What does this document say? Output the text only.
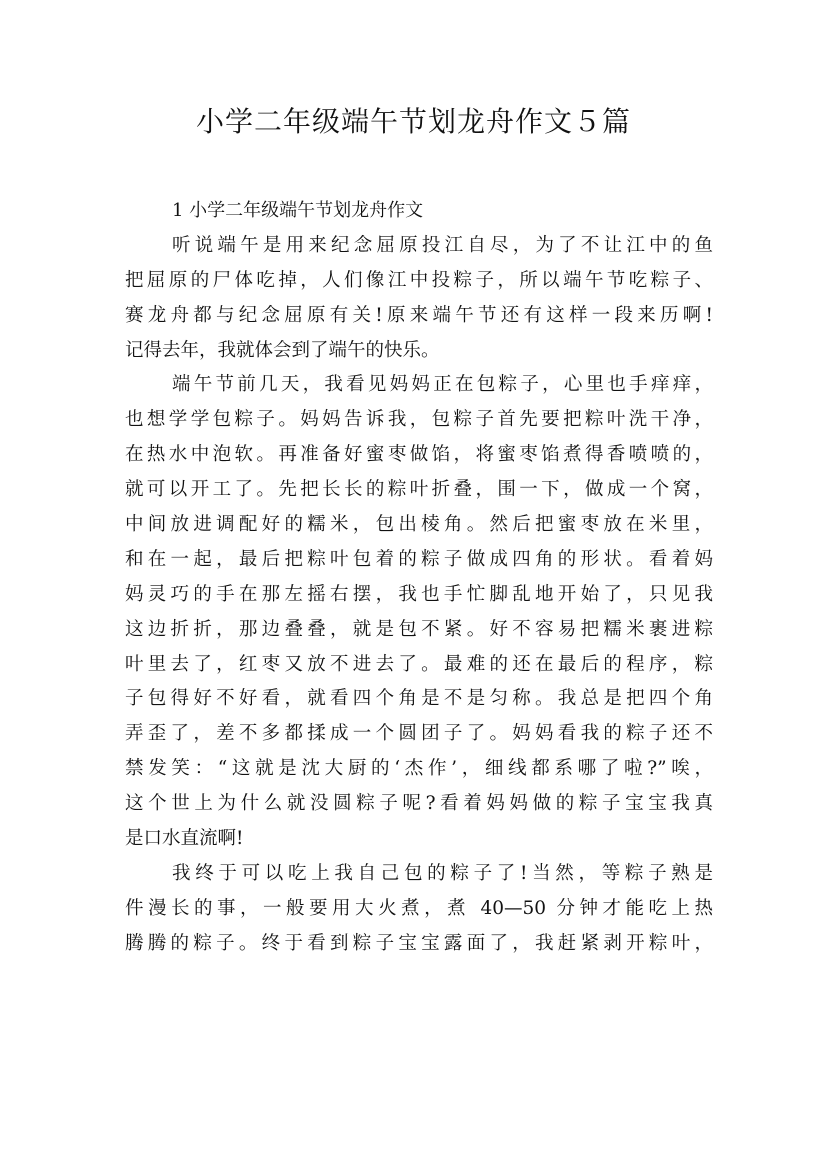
小学二年级端午节划龙舟作文５篇
1 小学二年级端午节划龙舟作文
听说端午是用来纪念屈原投江自尽，为了不让江中的鱼
把屈原的尸体吃掉，人们像江中投粽子，所以端午节吃粽子、
赛龙舟都与纪念屈原有关!原来端午节还有这样一段来历啊!
记得去年，我就体会到了端午的快乐。
端午节前几天，我看见妈妈正在包粽子，心里也手痒痒，
也想学学包粽子。妈妈告诉我，包粽子首先要把粽叶洗干净，
在热水中泡软。再准备好蜜枣做馅，将蜜枣馅煮得香喷喷的，
就可以开工了。先把长长的粽叶折叠，围一下，做成一个窝，
中间放进调配好的糯米，包出棱角。然后把蜜枣放在米里，
和在一起，最后把粽叶包着的粽子做成四角的形状。看着妈
妈灵巧的手在那左摇右摆，我也手忙脚乱地开始了，只见我
这边折折，那边叠叠，就是包不紧。好不容易把糯米裹进粽
叶里去了，红枣又放不进去了。最难的还在最后的程序，粽
子包得好不好看，就看四个角是不是匀称。我总是把四个角
弄歪了，差不多都揉成一个圆团子了。妈妈看我的粽子还不
禁发笑：“这就是沈大厨的‘杰作’，细线都系哪了啦?”唉，
这个世上为什么就没圆粽子呢?看着妈妈做的粽子宝宝我真
是口水直流啊!
我终于可以吃上我自己包的粽子了!当然，等粽子熟是
件漫长的事，一般要用大火煮，煮 40—50 分钟才能吃上热
腾腾的粽子。终于看到粽子宝宝露面了，我赶紧剥开粽叶，
